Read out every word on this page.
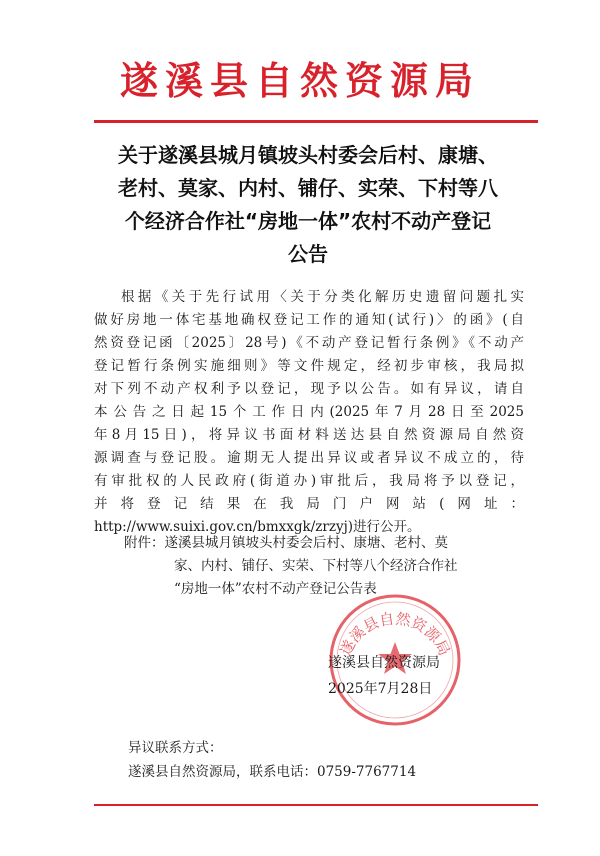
遂溪县自然资源局
关于遂溪县城月镇坡头村委会后村、康塘、
老村、莫家、内村、铺仔、实荣、下村等八
个经济合作社“房地一体”农村不动产登记
公告
根据《关于先行试用〈关于分类化解历史遗留问题扎实
做好房地一体宅基地确权登记工作的通知(试行)〉的函》(自
然资登记函〔2025〕28号)《不动产登记暂行条例》《不动产
登记暂行条例实施细则》等文件规定，经初步审核，我局拟
对下列不动产权利予以登记，现予以公告。如有异议，请自
本公告之日起15个工作日内(2025年7月28日至2025
年8月15日)，将异议书面材料送达县自然资源局自然资
源调查与登记股。逾期无人提出异议或者异议不成立的，待
有审批权的人民政府(街道办)审批后，我局将予以登记，
并将登记结果在我局门户网站(网址：
http://www.suixi.gov.cn/bmxxgk/zrzyj)进行公开。
附件：遂溪县城月镇坡头村委会后村、康塘、老村、莫
家、内村、铺仔、实荣、下村等八个经济合作社
“房地一体”农村不动产登记公告表
遂溪县自然资源局
遂溪县自然资源局
2025年7月28日
异议联系方式：
遂溪县自然资源局，联系电话：0759-7767714
